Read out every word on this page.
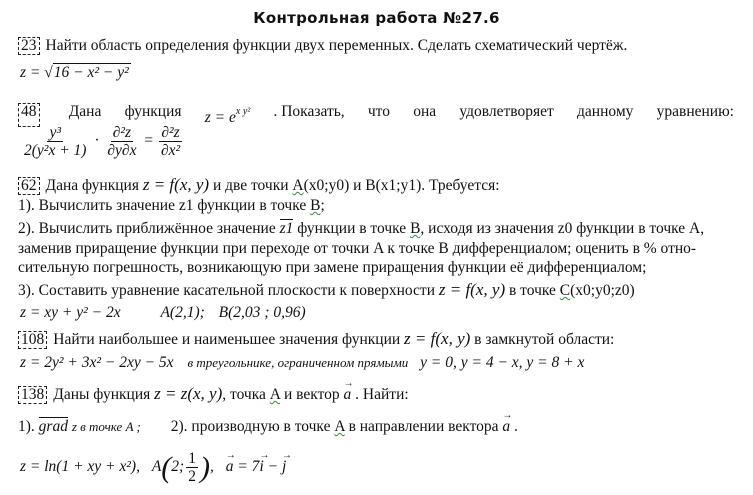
Контрольная работа №27.6
23 Найти область определения функции двух переменных. Сделать схематический чертёж.
z = √16 − x² − y²
48 Дана функция $z = e^{x y^2}$ . Показать, что она удовлетворяет данному уравнению:
$\frac{\text{y³}}{\text{2(y²x + 1)}} \cdot \frac{\text{∂²z}}{\partial y\partial x} = \frac{\text{∂²z}}{\text{∂x²}}$
62 Дана функция z = f(x, y) и две точки A(x0;y0) и B(x1;y1). Требуется:
1). Вычислить значение z1 функции в точке B;
2). Вычислить приближённое значение z1 функции в точке B, исходя из значения z0 функции в точке A,
заменив приращение функции при переходе от точки A к точке B дифференциалом; оценить в % отно-
сительную погрешность, возникающую при замене приращения функции её дифференциалом;
3). Составить уравнение касательной плоскости к поверхности z = f(x, y) в точке C(x0;y0;z0)
z = xy + y² − 2x	A(2,1); B(2,03 ; 0,96)
108 Найти наибольшее и наименьшее значения функции z = f(x, y) в замкнутой области:
z = 2y² + 3x² − 2xy − 5x в треугольнике, ограниченном прямыми y = 0, y = 4 − x, y = 8 + x
138 Даны функция z = z(x, y), точка A и вектор → a . Найти:
1). grad z в точке A ; 2). производную в точке A в направлении вектора → a .
z = ln(1 + xy + x²), A(2; $\frac{1}{2}$ ), → a = 7→ i − → j
